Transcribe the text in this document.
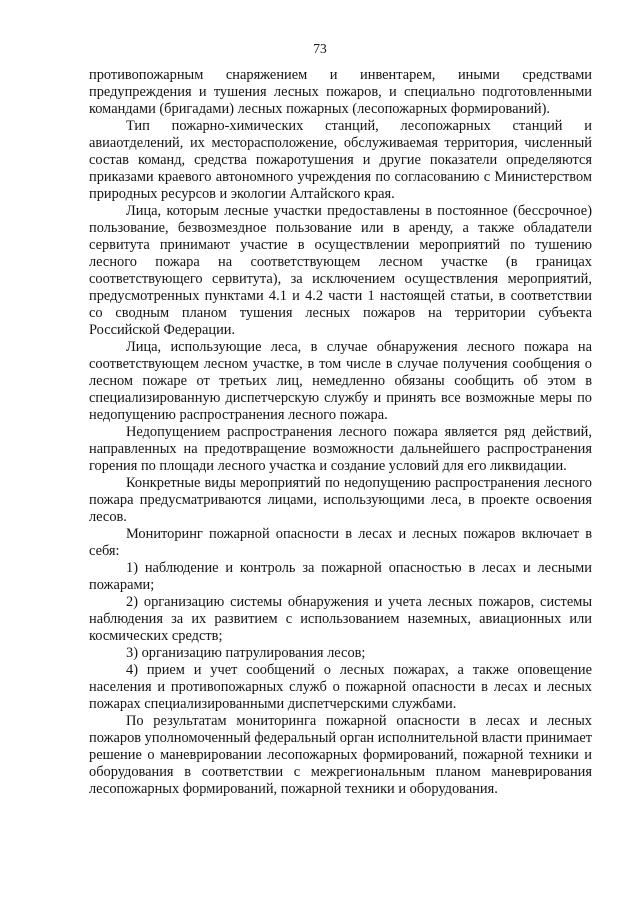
73

противопожарным снаряжением и инвентарем, иными средствами предупреждения и тушения лесных пожаров, и специально подготовленными командами (бригадами) лесных пожарных (лесопожарных формирований).

Тип пожарно-химических станций, лесопожарных станций и авиаотделений, их месторасположение, обслуживаемая территория, численный состав команд, средства пожаротушения и другие показатели определяются приказами краевого автономного учреждения по согласованию с Министерством природных ресурсов и экологии Алтайского края.

Лица, которым лесные участки предоставлены в постоянное (бессрочное) пользование, безвозмездное пользование или в аренду, а также обладатели сервитута принимают участие в осуществлении мероприятий по тушению лесного пожара на соответствующем лесном участке (в границах соответствующего сервитута), за исключением осуществления мероприятий, предусмотренных пунктами 4.1 и 4.2 части 1 настоящей статьи, в соответствии со сводным планом тушения лесных пожаров на территории субъекта Российской Федерации.

Лица, использующие леса, в случае обнаружения лесного пожара на соответствующем лесном участке, в том числе в случае получения сообщения о лесном пожаре от третьих лиц, немедленно обязаны сообщить об этом в специализированную диспетчерскую службу и принять все возможные меры по недопущению распространения лесного пожара.

Недопущением распространения лесного пожара является ряд действий, направленных на предотвращение возможности дальнейшего распространения горения по площади лесного участка и создание условий для его ликвидации.

Конкретные виды мероприятий по недопущению распространения лесного пожара предусматриваются лицами, использующими леса, в проекте освоения лесов.

Мониторинг пожарной опасности в лесах и лесных пожаров включает в себя:

1) наблюдение и контроль за пожарной опасностью в лесах и лесными пожарами;

2) организацию системы обнаружения и учета лесных пожаров, системы наблюдения за их развитием с использованием наземных, авиационных или космических средств;

3) организацию патрулирования лесов;

4) прием и учет сообщений о лесных пожарах, а также оповещение населения и противопожарных служб о пожарной опасности в лесах и лесных пожарах специализированными диспетчерскими службами.

По результатам мониторинга пожарной опасности в лесах и лесных пожаров уполномоченный федеральный орган исполнительной власти принимает решение о маневрировании лесопожарных формирований, пожарной техники и оборудования в соответствии с межрегиональным планом маневрирования лесопожарных формирований, пожарной техники и оборудования.
